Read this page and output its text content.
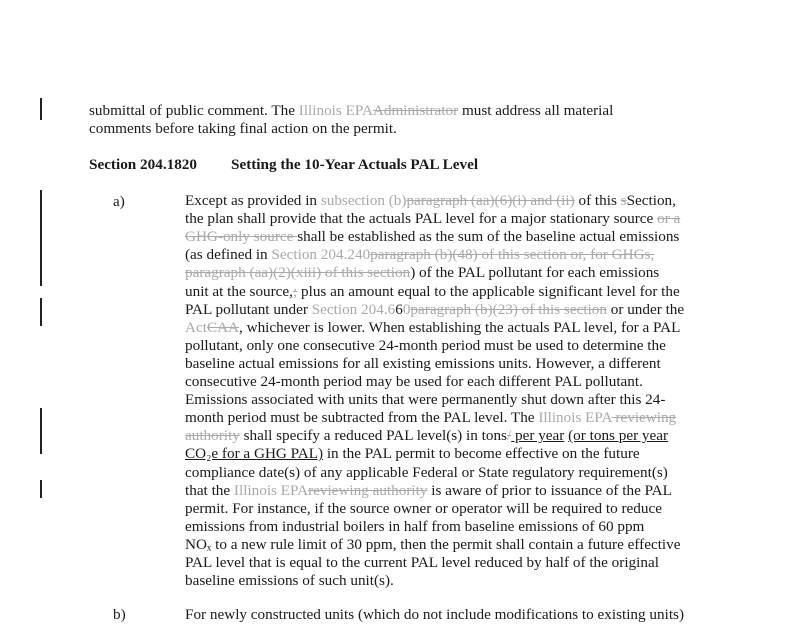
submittal of public comment. The Illinois EPAAdministrator must address all material
comments before taking final action on the permit.
Section 204.1820 Setting the 10-Year Actuals PAL Level
a)	Except as provided in subsection (b)paragraph (aa)(6)(i) and (ii) of this sSection,
the plan shall provide that the actuals PAL level for a major stationary source or a
GHG-only source shall be established as the sum of the baseline actual emissions
(as defined in Section 204.240paragraph (b)(48) of this section or, for GHGs,
paragraph (aa)(2)(xiii) of this section) of the PAL pollutant for each emissions
unit at the source,; plus an amount equal to the applicable significant level for the
PAL pollutant under Section 204.660paragraph (b)(23) of this section or under the
ActCAA, whichever is lower. When establishing the actuals PAL level, for a PAL
pollutant, only one consecutive 24-month period must be used to determine the
baseline actual emissions for all existing emissions units. However, a different
consecutive 24-month period may be used for each different PAL pollutant.
Emissions associated with units that were permanently shut down after this 24-
month period must be subtracted from the PAL level. The Illinois EPA reviewing
authority shall specify a reduced PAL level(s) in tons/ per year (or tons per year
CO₂e for a GHG PAL) in the PAL permit to become effective on the future
compliance date(s) of any applicable Federal or State regulatory requirement(s)
that the Illinois EPAreviewing authority is aware of prior to issuance of the PAL
permit. For instance, if the source owner or operator will be required to reduce
emissions from industrial boilers in half from baseline emissions of 60 ppm
NOₓ to a new rule limit of 30 ppm, then the permit shall contain a future effective
PAL level that is equal to the current PAL level reduced by half of the original
baseline emissions of such unit(s).
b)	For newly constructed units (which do not include modifications to existing units)
